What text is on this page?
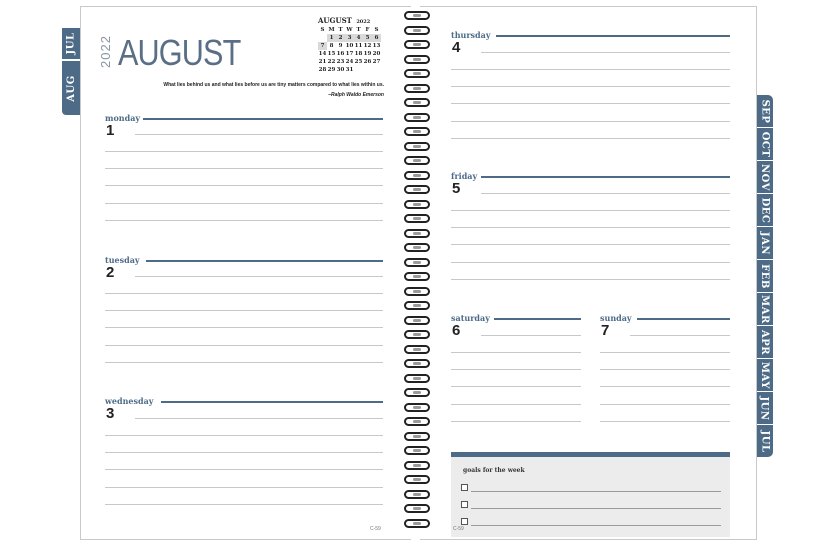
JUL
AUG
SEP
OCT
NOV
DEC
JAN
FEB
MAR
APR
MAY
JUN
JUL
2022 AUGUST
AUGUST 2022
S M T W T F S
1 2 3 4 5 6
7 8 9 10 11 12 13
14 15 16 17 18 19 20
21 22 23 24 25 26 27
28 29 30 31
What lies behind us and what lies before us are tiny matters compared to what lies within us.
–Ralph Waldo Emerson
monday
1
tuesday
2
wednesday
3
thursday
4
friday
5
saturday
6
sunday
7
goals for the week
C-59	C-59
